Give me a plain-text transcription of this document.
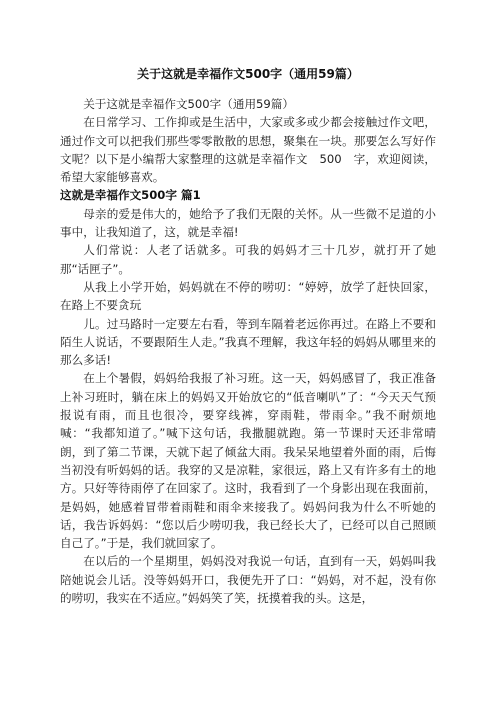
关于这就是幸福作文500字（通用59篇）

关于这就是幸福作文500字（通用59篇）

在日常学习、工作抑或是生活中，大家或多或少都会接触过作文吧，通过作文可以把我们那些零零散散的思想，聚集在一块。那要怎么写好作文呢？以下是小编帮大家整理的这就是幸福作文　500　字，欢迎阅读，希望大家能够喜欢。

这就是幸福作文500字 篇1

母亲的爱是伟大的，她给予了我们无限的关怀。从一些微不足道的小事中，让我知道了，这，就是幸福!

人们常说：人老了话就多。可我的妈妈才三十几岁，就打开了她那“话匣子”。

从我上小学开始，妈妈就在不停的唠叨：“婷婷，放学了赶快回家，在路上不要贪玩

儿。过马路时一定要左右看，等到车隔着老远你再过。在路上不要和陌生人说话，不要跟陌生人走。”我真不理解，我这年轻的妈妈从哪里来的那么多话!

在上个暑假，妈妈给我报了补习班。这一天，妈妈感冒了，我正准备上补习班时，躺在床上的妈妈又开始放它的“低音喇叭”了：“今天天气预报说有雨，而且也很冷，要穿线裤，穿雨鞋，带雨伞。”我不耐烦地喊：“我都知道了。”喊下这句话，我撒腿就跑。第一节课时天还非常晴朗，到了第二节课，天就下起了倾盆大雨。我呆呆地望着外面的雨，后悔当初没有听妈妈的话。我穿的又是凉鞋，家很远，路上又有许多有土的地方。只好等待雨停了在回家了。这时，我看到了一个身影出现在我面前，是妈妈，她感着冒带着雨鞋和雨伞来接我了。妈妈问我为什么不听她的话，我告诉妈妈：“您以后少唠叨我，我已经长大了，已经可以自己照顾自己了。”于是，我们就回家了。

在以后的一个星期里，妈妈没对我说一句话，直到有一天，妈妈叫我陪她说会儿话。没等妈妈开口，我便先开了口：“妈妈，对不起，没有你的唠叨，我实在不适应。”妈妈笑了笑，抚摸着我的头。这是，
